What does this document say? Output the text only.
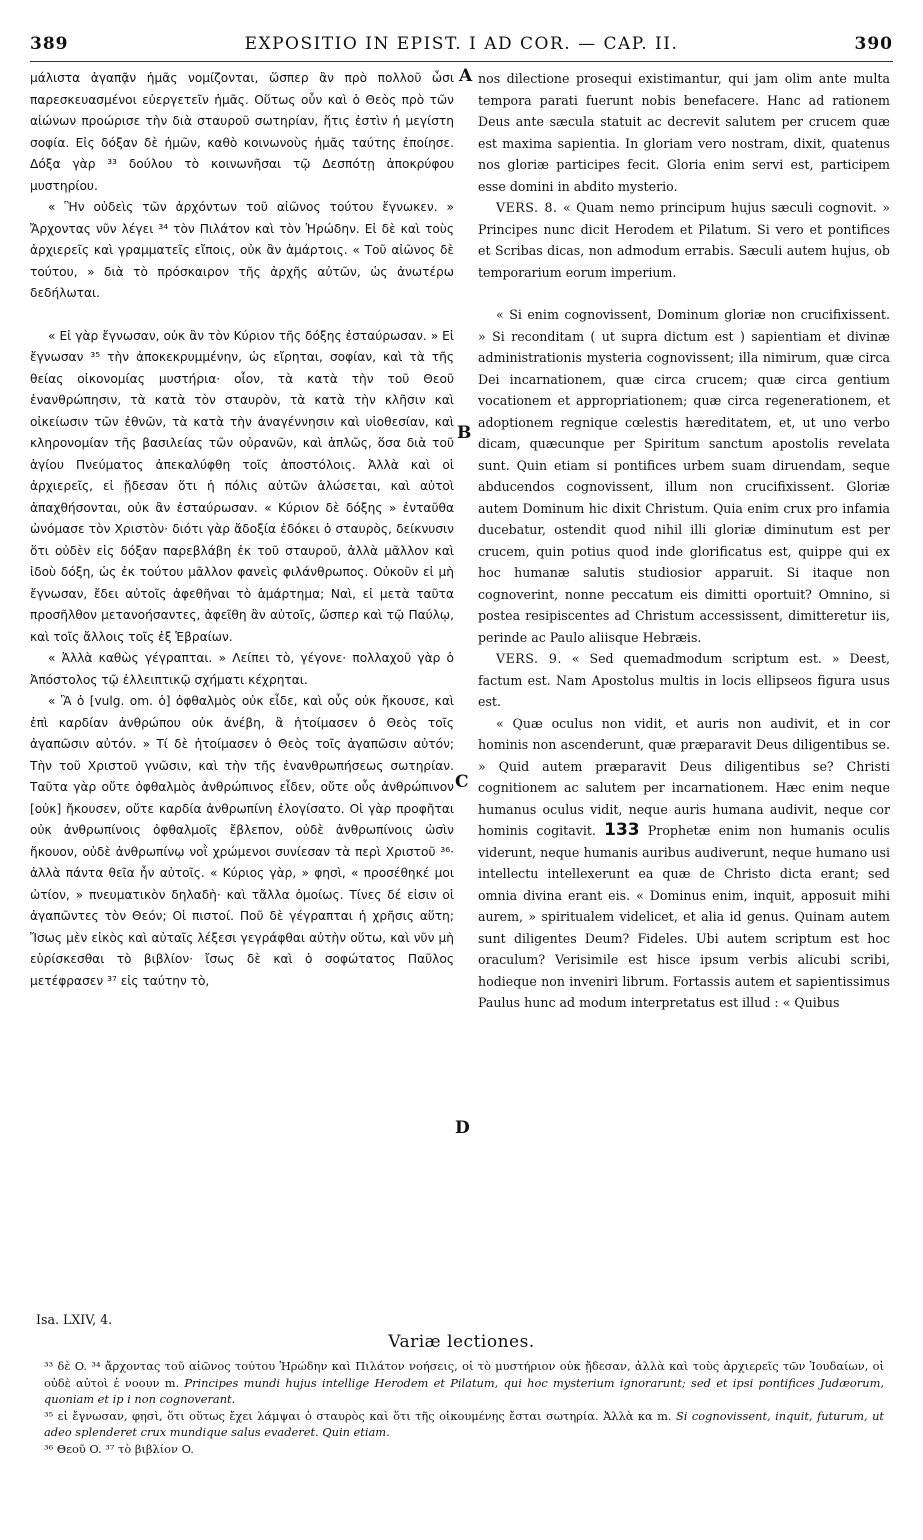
389	EXPOSITIO IN EPIST. I AD COR. — CAP. II.	390

μάλιστα ἀγαπᾷν ἡμᾶς νομίζονται, ὥσπερ ἂν πρὸ πολλοῦ ὦσι παρεσκευασμένοι εὐεργετεῖν ἡμᾶς. Οὕτως οὖν καὶ ὁ Θεὸς πρὸ τῶν αἰώνων προώρισε τὴν διὰ σταυροῦ σωτηρίαν, ἥτις ἐστὶν ἡ μεγίστη σοφία. Εἰς δόξαν δὲ ἡμῶν, καθὸ κοινωνοὺς ἡμᾶς ταύτης ἐποίησε. Δόξα γὰρ ³³ δούλου τὸ κοινωνῆσαι τῷ Δεσπότῃ ἀποκρύφου μυστηρίου.

« Ἣν οὐδεὶς τῶν ἀρχόντων τοῦ αἰῶνος τούτου ἔγνωκεν. » Ἄρχοντας νῦν λέγει ³⁴ τὸν Πιλάτον καὶ τὸν Ἡρώδην. Εἰ δὲ καὶ τοὺς ἀρχιερεῖς καὶ γραμματεῖς εἴποις, οὐκ ἂν ἁμάρτοις. « Τοῦ αἰῶνος δὲ τούτου, » διὰ τὸ πρόσκαιρον τῆς ἀρχῆς αὐτῶν, ὡς ἀνωτέρω δεδήλωται.

« Εἰ γὰρ ἔγνωσαν, οὐκ ἂν τὸν Κύριον τῆς δόξης ἐσταύρωσαν. » Εἰ ἔγνωσαν ³⁵ τὴν ἀποκεκρυμμένην, ὡς εἴρηται, σοφίαν, καὶ τὰ τῆς θείας οἰκονομίας μυστήρια· οἷον, τὰ κατὰ τὴν τοῦ Θεοῦ ἐνανθρώπησιν, τὰ κατὰ τὸν σταυρὸν, τὰ κατὰ τὴν κλῆσιν καὶ οἰκείωσιν τῶν ἐθνῶν, τὰ κατὰ τὴν ἀναγέννησιν καὶ υἱοθεσίαν, καὶ κληρονομίαν τῆς βασιλείας τῶν οὐρανῶν, καὶ ἁπλῶς, ὅσα διὰ τοῦ ἁγίου Πνεύματος ἀπεκαλύφθη τοῖς ἀποστόλοις. Ἀλλὰ καὶ οἱ ἀρχιερεῖς, εἰ ᾔδεσαν ὅτι ἡ πόλις αὐτῶν ἁλώσεται, καὶ αὐτοὶ ἀπαχθήσονται, οὐκ ἂν ἐσταύρωσαν. « Κύριον δὲ δόξης » ἐνταῦθα ὠνόμασε τὸν Χριστὸν· διότι γὰρ ἄδοξία ἐδόκει ὁ σταυρὸς, δείκνυσιν ὅτι οὐδὲν εἰς δόξαν παρεβλάβη ἐκ τοῦ σταυροῦ, ἀλλὰ μᾶλλον καὶ ἰδοὺ δόξη, ὡς ἐκ τούτου μᾶλλον φανεὶς φιλάνθρωπος. Οὐκοῦν εἰ μὴ ἔγνωσαν, ἔδει αὐτοῖς ἀφεθῆναι τὸ ἁμάρτημα; Ναὶ, εἰ μετὰ ταῦτα προσῆλθον μετανοήσαντες, ἀφεῖθη ἂν αὐτοῖς, ὥσπερ καὶ τῷ Παύλῳ, καὶ τοῖς ἄλλοις τοῖς ἐξ Ἑβραίων.

« Ἀλλὰ καθὼς γέγραπται. » Λείπει τὸ, γέγονε· πολλαχοῦ γὰρ ὁ Ἀπόστολος τῷ ἐλλειπτικῷ σχήματι κέχρηται.

« Ἃ ὁ [vulg. om. ὁ] ὀφθαλμὸς οὐκ εἶδε, καὶ οὖς οὐκ ἤκουσε, καὶ ἐπὶ καρδίαν ἀνθρώπου οὐκ ἀνέβη, ἃ ἡτοίμασεν ὁ Θεὸς τοῖς ἀγαπῶσιν αὐτόν. » Τί δὲ ἡτοίμασεν ὁ Θεὸς τοῖς ἀγαπῶσιν αὐτόν; Τὴν τοῦ Χριστοῦ γνῶσιν, καὶ τὴν τῆς ἐνανθρωπήσεως σωτηρίαν. Ταῦτα γὰρ οὔτε ὀφθαλμὸς ἀνθρώπινος εἶδεν, οὔτε οὖς ἀνθρώπινον [οὐκ] ἤκουσεν, οὔτε καρδία ἀνθρωπίνη ἐλογίσατο. Οἱ γὰρ προφῆται οὐκ ἀνθρωπίνοις ὀφθαλμοῖς ἔβλεπον, οὐδὲ ἀνθρωπίνοις ὠσὶν ἤκουον, οὐδὲ ἀνθρωπίνῳ νοῒ χρώμενοι συνίεσαν τὰ περὶ Χριστοῦ ³⁶· ἀλλὰ πάντα θεῖα ἦν αὐτοῖς. « Κύριος γὰρ, » φησὶ, « προσέθηκέ μοι ὠτίον, » πνευματικὸν δηλαδὴ· καὶ τἄλλα ὁμοίως. Τίνες δέ εἰσιν οἱ ἀγαπῶντες τὸν Θεόν; Οἱ πιστοί. Ποῦ δὲ γέγραπται ἡ χρῆσις αὕτη; Ἴσως μὲν εἰκὸς καὶ αὐταῖς λέξεσι γεγράφθαι αὐτὴν οὕτω, καὶ νῦν μὴ εὑρίσκεσθαι τὸ βιβλίον· ἴσως δὲ καὶ ὁ σοφώτατος Παῦλος μετέφρασεν ³⁷ εἰς ταύτην τὸ,

Isa. LXIV, 4.
A
B
C
D

nos dilectione prosequi existimantur, qui jam olim ante multa tempora parati fuerunt nobis benefacere. Hanc ad rationem Deus ante sæcula statuit ac decrevit salutem per crucem quæ est maxima sapientia. In gloriam vero nostram, dixit, quatenus nos gloriæ participes fecit. Gloria enim servi est, participem esse domini in abdito mysterio.

VERS. 8. « Quam nemo principum hujus sæculi cognovit. » Principes nunc dicit Herodem et Pilatum. Si vero et pontifices et Scribas dicas, non admodum errabis. Sæculi autem hujus, ob temporarium eorum imperium.

« Si enim cognovissent, Dominum gloriæ non crucifixissent. » Si reconditam ( ut supra dictum est ) sapientiam et divinæ administrationis mysteria cognovissent; illa nimirum, quæ circa Dei incarnationem, quæ circa crucem; quæ circa gentium vocationem et appropriationem; quæ circa regenerationem, et adoptionem regnique cœlestis hæreditatem, et, ut uno verbo dicam, quæcunque per Spiritum sanctum apostolis revelata sunt. Quin etiam si pontifices urbem suam diruendam, seque abducendos cognovissent, illum non crucifixissent. Gloriæ autem Dominum hic dixit Christum. Quia enim crux pro infamia ducebatur, ostendit quod nihil illi gloriæ diminutum est per crucem, quin potius quod inde glorificatus est, quippe qui ex hoc humanæ salutis studiosior apparuit. Si itaque non cognoverint, nonne peccatum eis dimitti oportuit? Omnino, si postea resipiscentes ad Christum accessissent, dimitteretur iis, perinde ac Paulo aliisque Hebræis.

VERS. 9. « Sed quemadmodum scriptum est. » Deest, factum est. Nam Apostolus multis in locis ellipseos figura usus est.

« Quæ oculus non vidit, et auris non audivit, et in cor hominis non ascenderunt, quæ præparavit Deus diligentibus se. » Quid autem præparavit Deus diligentibus se? Christi cognitionem ac salutem per incarnationem. Hæc enim neque humanus oculus vidit, neque auris humana audivit, neque cor hominis cogitavit. 133 Prophetæ enim non humanis oculis viderunt, neque humanis auribus audiverunt, neque humano usi intellectu intellexerunt ea quæ de Christo dicta erant; sed omnia divina erant eis. « Dominus enim, inquit, apposuit mihi aurem, » spiritualem videlicet, et alia id genus. Quinam autem sunt diligentes Deum? Fideles. Ubi autem scriptum est hoc oraculum? Verisimile est hisce ipsum verbis alicubi scribi, hodieque non inveniri librum. Fortassis autem et sapientissimus Paulus hunc ad modum interpretatus est illud : « Quibus

Variæ lectiones.

³³ δὲ O. ³⁴ ἄρχοντας τοῦ αἰῶνος τούτου Ἡρώδην καὶ Πιλάτον νοήσεις, οἱ τὸ μυστήριον οὐκ ᾔδεσαν, ἀλλὰ καὶ τοὺς ἀρχιερεῖς τῶν Ἰουδαίων, οἱ οὐδὲ αὐτοὶ ἐ νοουν m. Principes mundi hujus intellige Herodem et Pilatum, qui hoc mysterium ignorarunt; sed et ipsi pontifices Judæorum, quoniam et ip i non cognoverant.

³⁵ εἰ ἔγνωσαν, φησὶ, ὅτι οὕτως ἔχει λάμψαι ὁ σταυρὸς καὶ ὅτι τῆς οἰκουμένης ἔσται σωτηρία. Ἀλλὰ κα m. Si cognovissent, inquit, futurum, ut adeo splenderet crux mundique salus evaderet. Quin etiam.

³⁶ Θεοῦ O. ³⁷ τὸ βιβλίον O.
